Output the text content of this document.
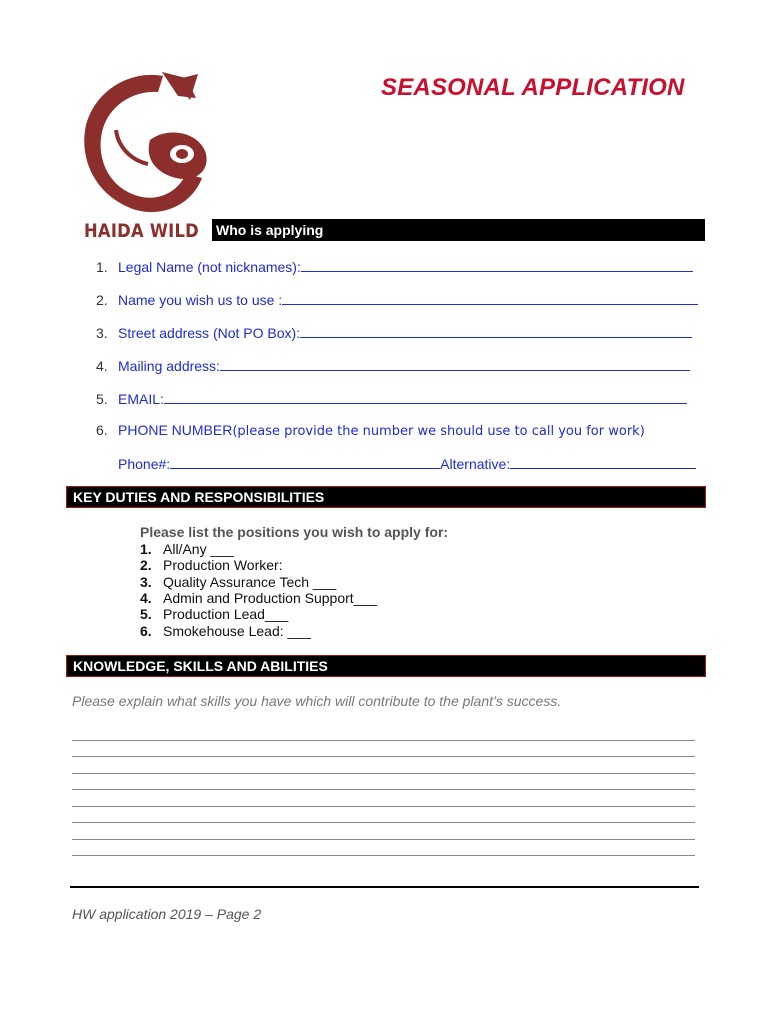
SEASONAL APPLICATION
HAIDA WILD Who is applying
1. Legal Name (not nicknames):
2. Name you wish us to use :
3. Street address (Not PO Box):
4. Mailing address:
5. EMAIL:
6. PHONE NUMBER(please provide the number we should use to call you for work)
Phone#:	Alternative:
KEY DUTIES AND RESPONSIBILITIES
Please list the positions you wish to apply for:
1. All/Any ___
2. Production Worker:
3. Quality Assurance Tech ___
4. Admin and Production Support___
5. Production Lead___
6. Smokehouse Lead: ___
KNOWLEDGE, SKILLS AND ABILITIES
Please explain what skills you have which will contribute to the plant’s success.
HW application 2019 – Page 2
